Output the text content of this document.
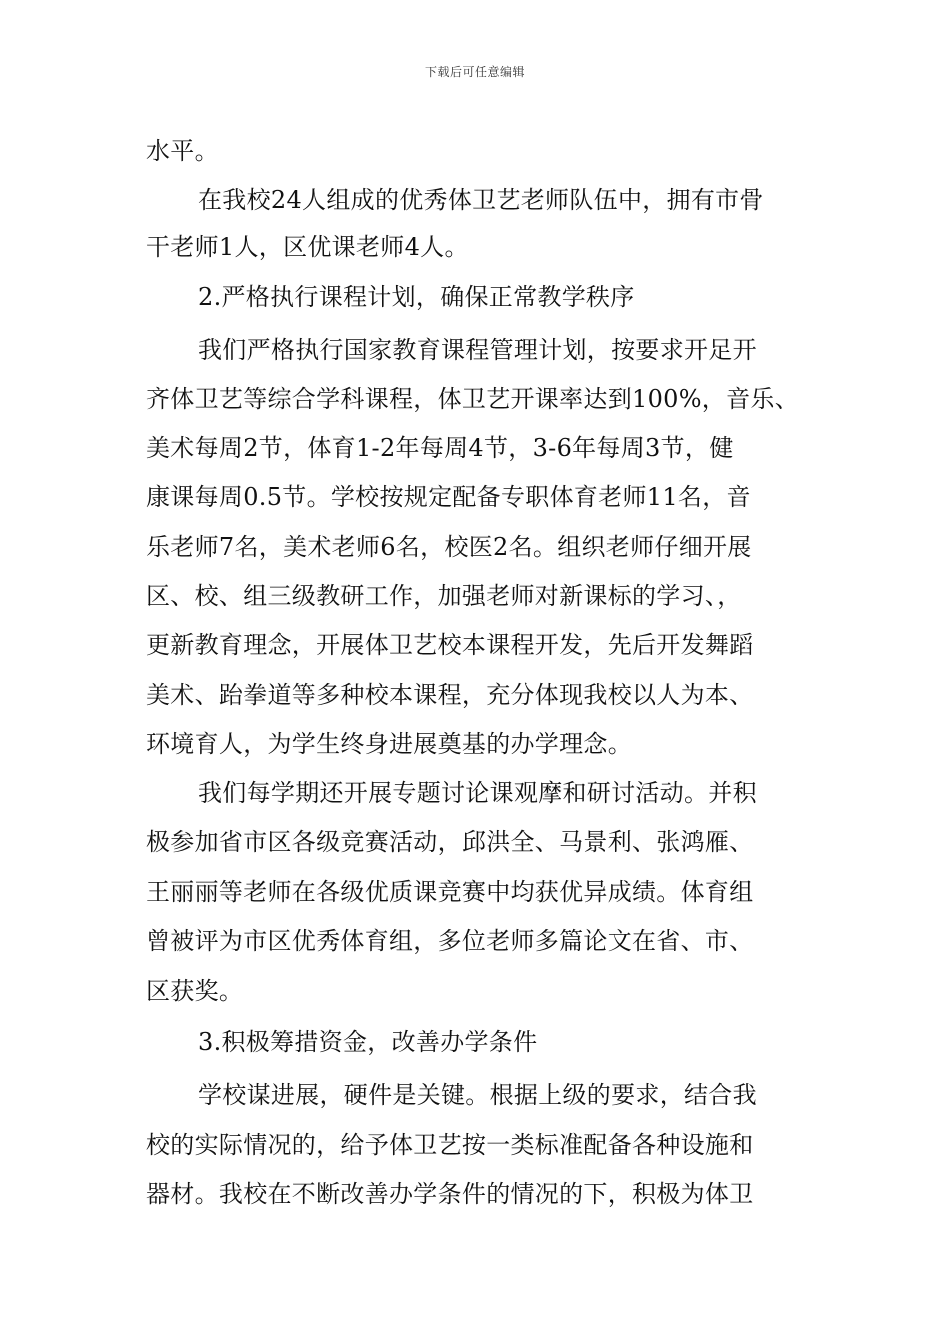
下载后可任意编辑
水平。
在我校24人组成的优秀体卫艺老师队伍中，拥有市骨
干老师1人，区优课老师4人。
2.严格执行课程计划，确保正常教学秩序
我们严格执行国家教育课程管理计划，按要求开足开
齐体卫艺等综合学科课程，体卫艺开课率达到100%，音乐、
美术每周2节，体育1-2年每周4节，3-6年每周3节，健
康课每周0.5节。学校按规定配备专职体育老师11名，音
乐老师7名，美术老师6名，校医2名。组织老师仔细开展
区、校、组三级教研工作，加强老师对新课标的学习、，
更新教育理念，开展体卫艺校本课程开发，先后开发舞蹈
美术、跆拳道等多种校本课程，充分体现我校以人为本、
环境育人，为学生终身进展奠基的办学理念。
我们每学期还开展专题讨论课观摩和研讨活动。并积
极参加省市区各级竞赛活动，邱洪全、马景利、张鸿雁、
王丽丽等老师在各级优质课竞赛中均获优异成绩。体育组
曾被评为市区优秀体育组，多位老师多篇论文在省、市、
区获奖。
3.积极筹措资金，改善办学条件
学校谋进展，硬件是关键。根据上级的要求，结合我
校的实际情况的，给予体卫艺按一类标准配备各种设施和
器材。我校在不断改善办学条件的情况的下，积极为体卫
